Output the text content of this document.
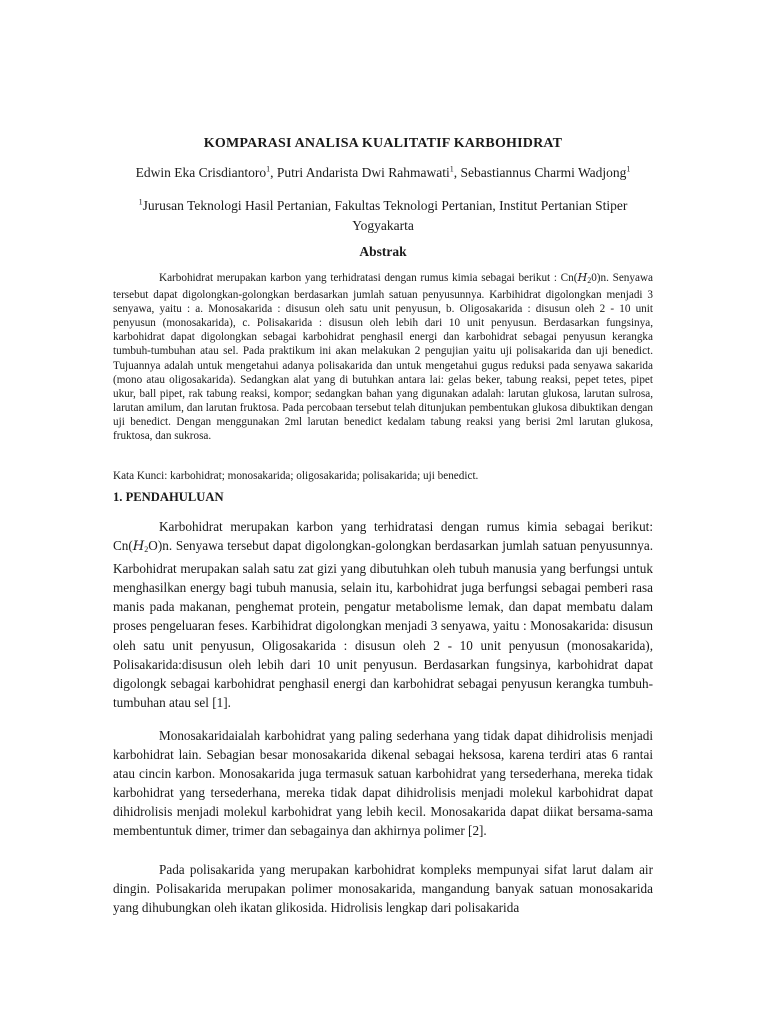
KOMPARASI ANALISA KUALITATIF KARBOHIDRAT
Edwin Eka Crisdiantoro$^1$, Putri Andarista Dwi Rahmawati$^1$, Sebastiannus Charmi Wadjong$^1$
$^1$Jurusan Teknologi Hasil Pertanian, Fakultas Teknologi Pertanian, Institut Pertanian Stiper Yogyakarta
Abstrak
Karbohidrat merupakan karbon yang terhidratasi dengan rumus kimia sebagai berikut : Cn(H20)n. Senyawa tersebut dapat digolongkan-golongkan berdasarkan jumlah satuan penyusunnya. Karbihidrat digolongkan menjadi 3 senyawa, yaitu : a. Monosakarida : disusun oleh satu unit penyusun, b. Oligosakarida : disusun oleh 2 - 10 unit penyusun (monosakarida), c. Polisakarida : disusun oleh lebih dari 10 unit penyusun. Berdasarkan fungsinya, karbohidrat dapat digolongkan sebagai karbohidrat penghasil energi dan karbohidrat sebagai penyusun kerangka tumbuh-tumbuhan atau sel. Pada praktikum ini akan melakukan 2 pengujian yaitu uji polisakarida dan uji benedict. Tujuannya adalah untuk mengetahui adanya polisakarida dan untuk mengetahui gugus reduksi pada senyawa sakarida (mono atau oligosakarida). Sedangkan alat yang di butuhkan antara lai: gelas beker, tabung reaksi, pepet tetes, pipet ukur, ball pipet, rak tabung reaksi, kompor; sedangkan bahan yang digunakan adalah: larutan glukosa, larutan sulrosa, larutan amilum, dan larutan fruktosa. Pada percobaan tersebut telah ditunjukan pembentukan glukosa dibuktikan dengan uji benedict. Dengan menggunakan 2ml larutan benedict kedalam tabung reaksi yang berisi 2ml larutan glukosa, fruktosa, dan sukrosa.
Kata Kunci: karbohidrat; monosakarida; oligosakarida; polisakarida; uji benedict.
1. PENDAHULUAN
Karbohidrat merupakan karbon yang terhidratasi dengan rumus kimia sebagai berikut: Cn(H2O)n. Senyawa tersebut dapat digolongkan-golongkan berdasarkan jumlah satuan penyusunnya. Karbohidrat merupakan salah satu zat gizi yang dibutuhkan oleh tubuh manusia yang berfungsi untuk menghasilkan energy bagi tubuh manusia, selain itu, karbohidrat juga berfungsi sebagai pemberi rasa manis pada makanan, penghemat protein, pengatur metabolisme lemak, dan dapat membatu dalam proses pengeluaran feses. Karbihidrat digolongkan menjadi 3 senyawa, yaitu : Monosakarida: disusun oleh satu unit penyusun, Oligosakarida : disusun oleh 2 - 10 unit penyusun (monosakarida), Polisakarida:disusun oleh lebih dari 10 unit penyusun. Berdasarkan fungsinya, karbohidrat dapat digolongk sebagai karbohidrat penghasil energi dan karbohidrat sebagai penyusun kerangka tumbuh-tumbuhan atau sel [1].
Monosakaridaialah karbohidrat yang paling sederhana yang tidak dapat dihidrolisis menjadi karbohidrat lain. Sebagian besar monosakarida dikenal sebagai heksosa, karena terdiri atas 6 rantai atau cincin karbon. Monosakarida juga termasuk satuan karbohidrat yang tersederhana, mereka tidak karbohidrat yang tersederhana, mereka tidak dapat dihidrolisis menjadi molekul karbohidrat dapat dihidrolisis menjadi molekul karbohidrat yang lebih kecil. Monosakarida dapat diikat bersama-sama membentuntuk dimer, trimer dan sebagainya dan akhirnya polimer [2].
Pada polisakarida yang merupakan karbohidrat kompleks mempunyai sifat larut dalam air dingin. Polisakarida merupakan polimer monosakarida, mangandung banyak satuan monosakarida yang dihubungkan oleh ikatan glikosida. Hidrolisis lengkap dari polisakarida
